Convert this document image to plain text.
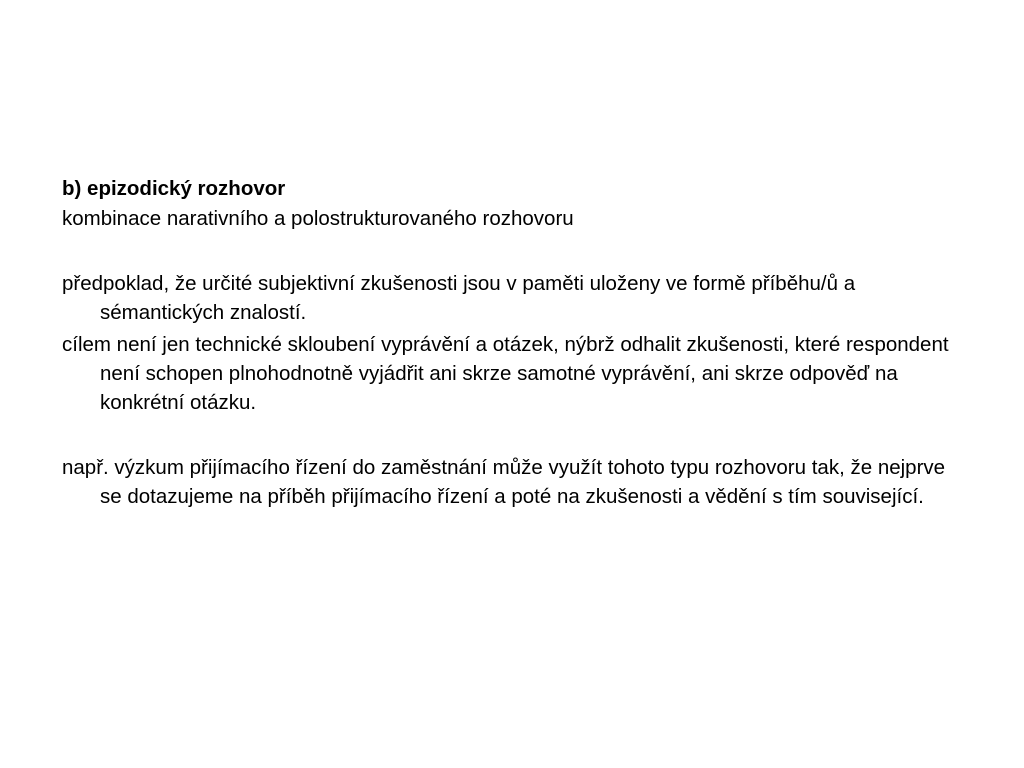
b) epizodický rozhovor

kombinace narativního a polostrukturovaného rozhovoru

předpoklad, že určité subjektivní zkušenosti jsou v paměti uloženy ve formě příběhu/ů a sémantických znalostí.

cílem není jen technické skloubení vyprávění a otázek, nýbrž odhalit zkušenosti, které respondent není schopen plnohodnotně vyjádřit ani skrze samotné vyprávění, ani skrze odpověď na konkrétní otázku.

např. výzkum přijímacího řízení do zaměstnání může využít tohoto typu rozhovoru tak, že nejprve se dotazujeme na příběh přijímacího řízení a poté na zkušenosti a vědění s tím související.
